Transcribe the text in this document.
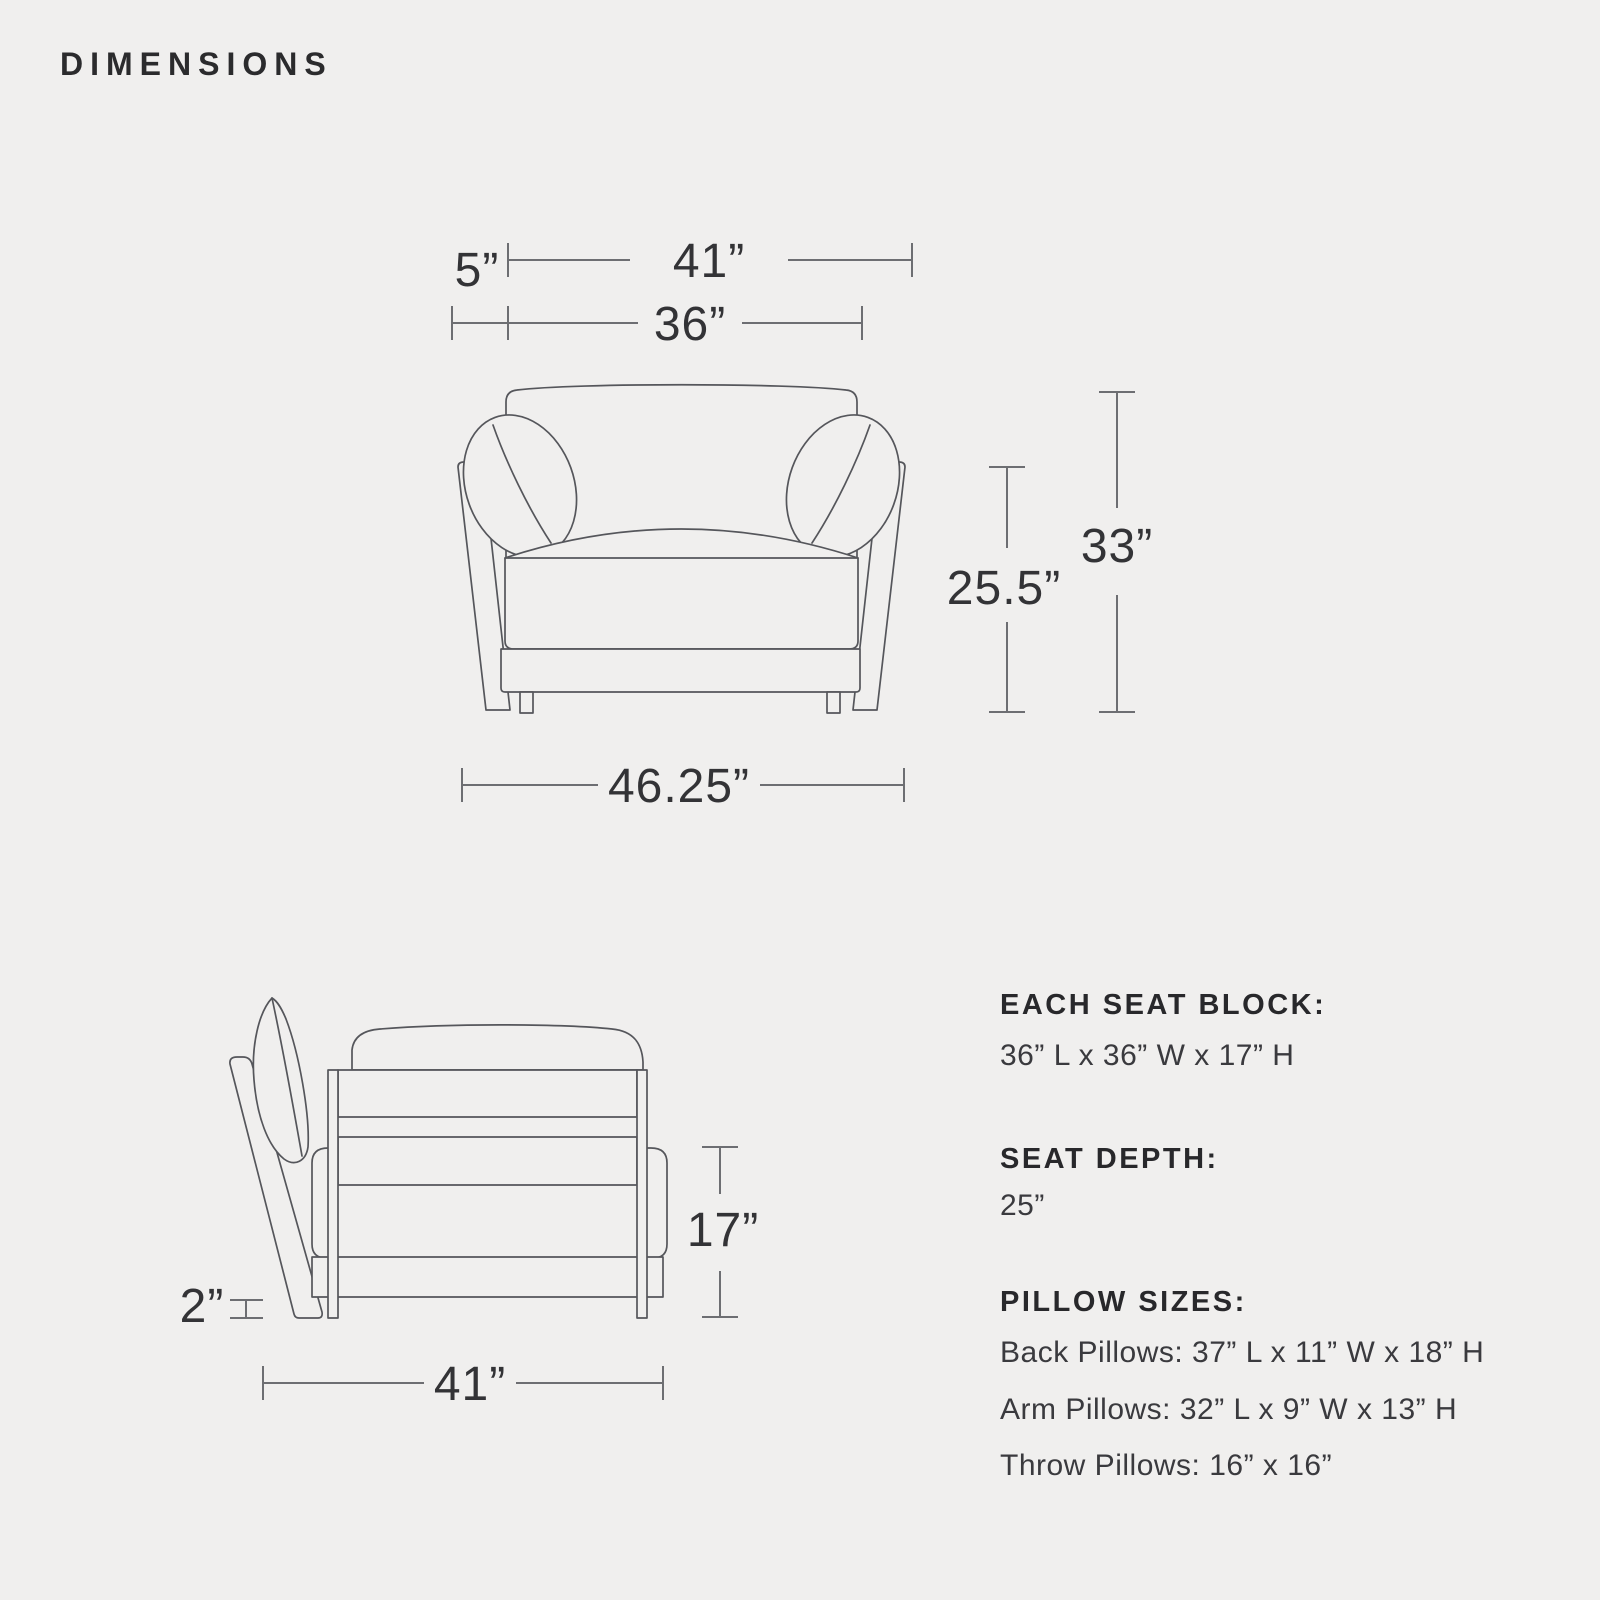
DIMENSIONS
41”
36”
5”
25.5”
33”
46.25”
17”
2”
41”
EACH SEAT BLOCK:
36” L x 36” W x 17” H
SEAT DEPTH:
25”
PILLOW SIZES:
Back Pillows: 37” L x 11” W x 18” H
Arm Pillows: 32” L x 9” W x 13” H
Throw Pillows: 16” x 16”
